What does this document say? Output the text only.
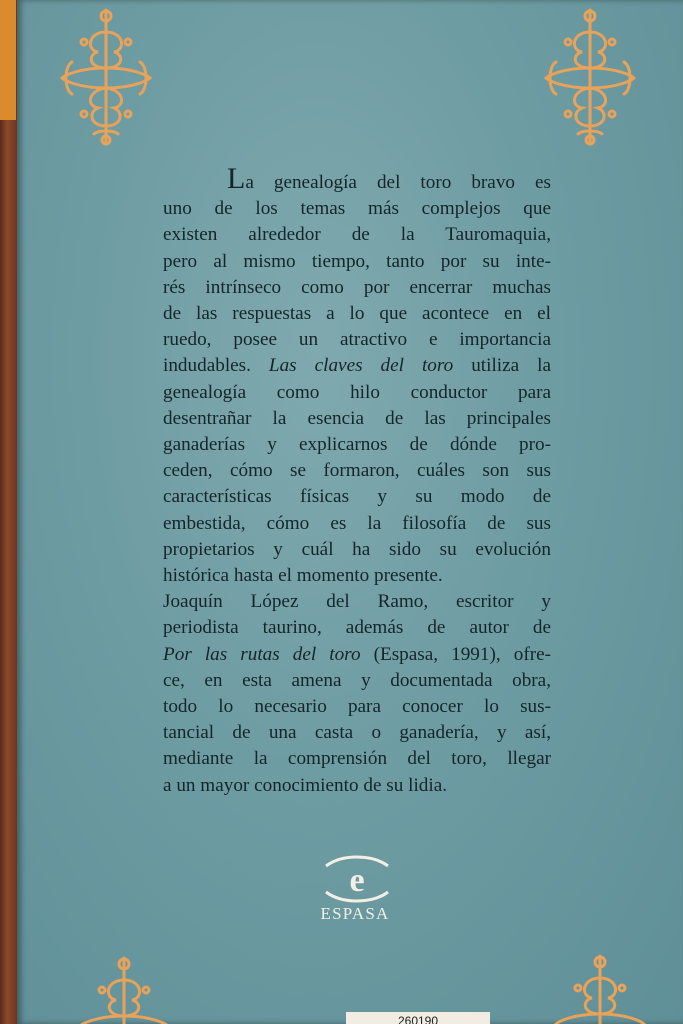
La genealogía del toro bravo es
uno de los temas más complejos que
existen alrededor de la Tauromaquia,
pero al mismo tiempo, tanto por su inte-
rés intrínseco como por encerrar muchas
de las respuestas a lo que acontece en el
ruedo, posee un atractivo e importancia
indudables. Las claves del toro utiliza la
genealogía como hilo conductor para
desentrañar la esencia de las principales
ganaderías y explicarnos de dónde pro-
ceden, cómo se formaron, cuáles son sus
características físicas y su modo de
embestida, cómo es la filosofía de sus
propietarios y cuál ha sido su evolución
histórica hasta el momento presente.
Joaquín López del Ramo, escritor y
periodista taurino, además de autor de
Por las rutas del toro (Espasa, 1991), ofre-
ce, en esta amena y documentada obra,
todo lo necesario para conocer lo sus-
tancial de una casta o ganadería, y así,
mediante la comprensión del toro, llegar
a un mayor conocimiento de su lidia.
e
ESPASA
260190
